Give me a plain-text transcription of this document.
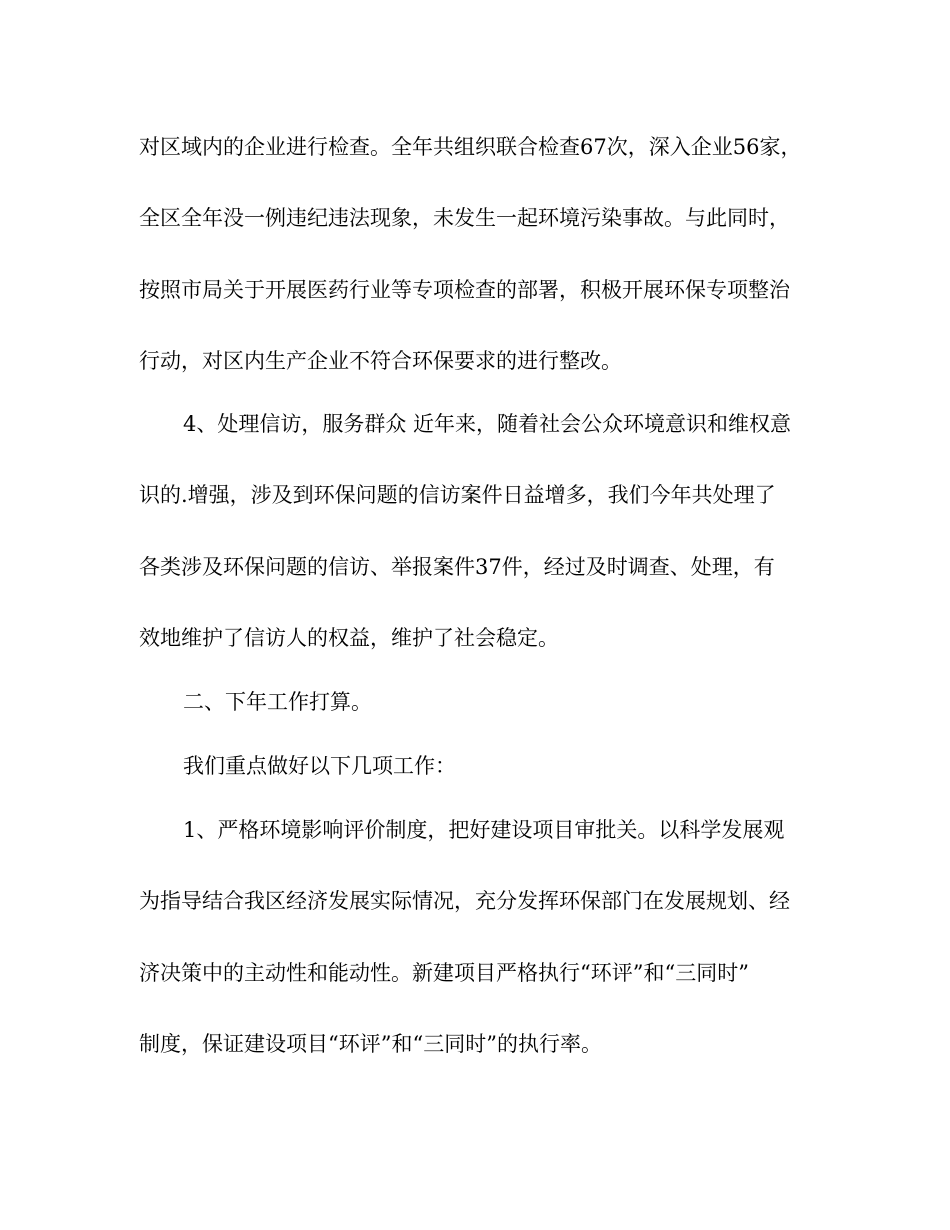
对区域内的企业进行检查。全年共组织联合检查67次，深入企业56家，
全区全年没一例违纪违法现象，未发生一起环境污染事故。与此同时，
按照市局关于开展医药行业等专项检查的部署，积极开展环保专项整治
行动，对区内生产企业不符合环保要求的进行整改。
4、处理信访，服务群众 近年来，随着社会公众环境意识和维权意
识的.增强，涉及到环保问题的信访案件日益增多，我们今年共处理了
各类涉及环保问题的信访、举报案件37件，经过及时调查、处理，有
效地维护了信访人的权益，维护了社会稳定。
二、下年工作打算。
我们重点做好以下几项工作：
1、严格环境影响评价制度，把好建设项目审批关。以科学发展观
为指导结合我区经济发展实际情况，充分发挥环保部门在发展规划、经
济决策中的主动性和能动性。新建项目严格执行“环评”和“三同时”
制度，保证建设项目“环评”和“三同时”的执行率。
